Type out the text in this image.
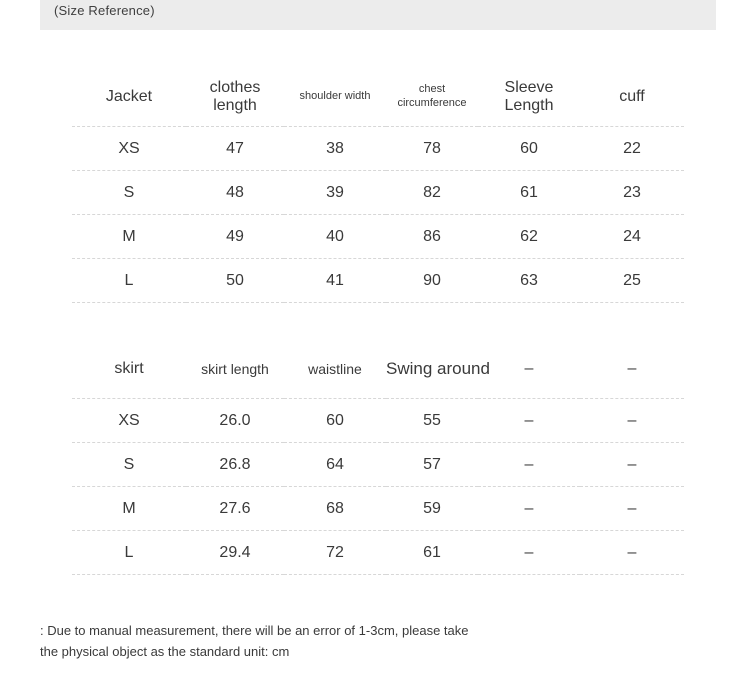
(Size Reference)
Jacket	clothes length	shoulder width	chest circumference	Sleeve Length	cuff
XS	47	38	78	60	22
S	48	39	82	61	23
M	49	40	86	62	24
L	50	41	90	63	25
skirt	skirt length	waistline	Swing around	–	–
XS	26.0	60	55	–	–
S	26.8	64	57	–	–
M	27.6	68	59	–	–
L	29.4	72	61	–	–
: Due to manual measurement, there will be an error of 1-3cm, please take
the physical object as the standard unit: cm
